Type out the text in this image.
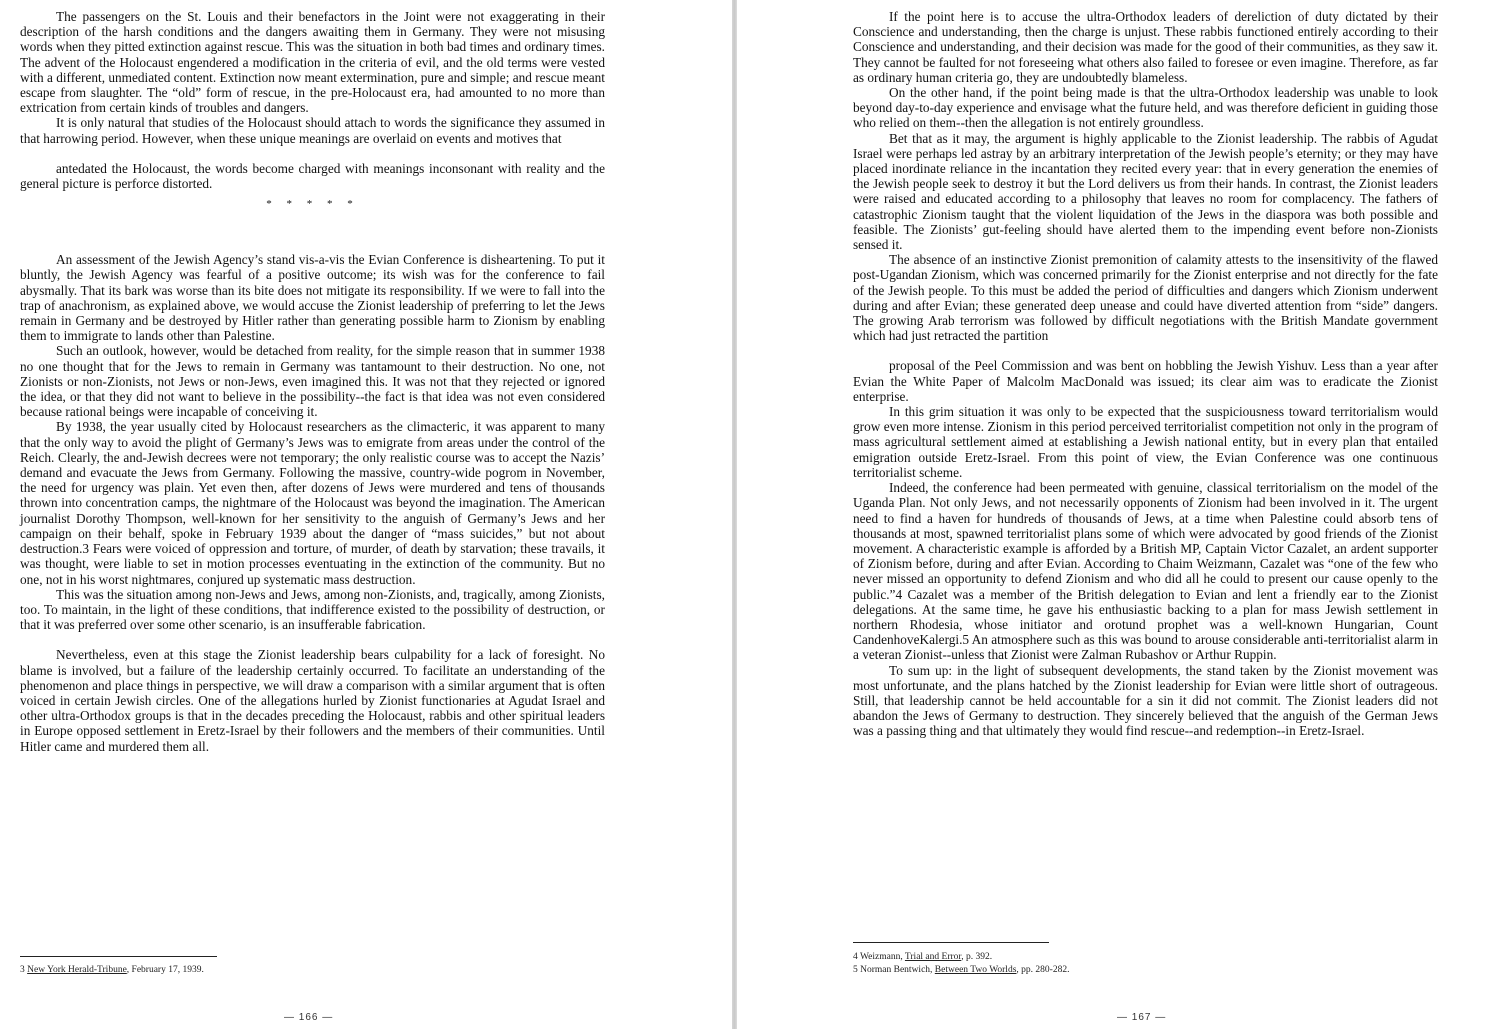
The passengers on the St. Louis and their benefactors in the Joint were not exaggerating in their description of the harsh conditions and the dangers awaiting them in Germany. They were not misusing words when they pitted extinction against rescue. This was the situation in both bad times and ordinary times. The advent of the Holocaust engendered a modification in the criteria of evil, and the old terms were vested with a different, unmediated content. Extinction now meant extermination, pure and simple; and rescue meant escape from slaughter. The “old” form of rescue, in the pre-Holocaust era, had amounted to no more than extrication from certain kinds of troubles and dangers.

It is only natural that studies of the Holocaust should attach to words the significance they assumed in that harrowing period. However, when these unique meanings are overlaid on events and motives that

antedated the Holocaust, the words become charged with meanings inconsonant with reality and the general picture is perforce distorted.

* * * * *

An assessment of the Jewish Agency’s stand vis-a-vis the Evian Conference is disheartening. To put it bluntly, the Jewish Agency was fearful of a positive outcome; its wish was for the conference to fail abysmally. That its bark was worse than its bite does not mitigate its responsibility. If we were to fall into the trap of anachronism, as explained above, we would accuse the Zionist leadership of preferring to let the Jews remain in Germany and be destroyed by Hitler rather than generating possible harm to Zionism by enabling them to immigrate to lands other than Palestine.

Such an outlook, however, would be detached from reality, for the simple reason that in summer 1938 no one thought that for the Jews to remain in Germany was tantamount to their destruction. No one, not Zionists or non-Zionists, not Jews or non-Jews, even imagined this. It was not that they rejected or ignored the idea, or that they did not want to believe in the possibility--the fact is that idea was not even considered because rational beings were incapable of conceiving it.

By 1938, the year usually cited by Holocaust researchers as the climacteric, it was apparent to many that the only way to avoid the plight of Germany’s Jews was to emigrate from areas under the control of the Reich. Clearly, the and-Jewish decrees were not temporary; the only realistic course was to accept the Nazis’ demand and evacuate the Jews from Germany. Following the massive, country-wide pogrom in November, the need for urgency was plain. Yet even then, after dozens of Jews were murdered and tens of thousands thrown into concentration camps, the nightmare of the Holocaust was beyond the imagination. The American journalist Dorothy Thompson, well-known for her sensitivity to the anguish of Germany’s Jews and her campaign on their behalf, spoke in February 1939 about the danger of “mass suicides,” but not about destruction.3 Fears were voiced of oppression and torture, of murder, of death by starvation; these travails, it was thought, were liable to set in motion processes eventuating in the extinction of the community. But no one, not in his worst nightmares, conjured up systematic mass destruction.

This was the situation among non-Jews and Jews, among non-Zionists, and, tragically, among Zionists, too. To maintain, in the light of these conditions, that indifference existed to the possibility of destruction, or that it was preferred over some other scenario, is an insufferable fabrication.

Nevertheless, even at this stage the Zionist leadership bears culpability for a lack of foresight. No blame is involved, but a failure of the leadership certainly occurred. To facilitate an understanding of the phenomenon and place things in perspective, we will draw a comparison with a similar argument that is often voiced in certain Jewish circles. One of the allegations hurled by Zionist functionaries at Agudat Israel and other ultra-Orthodox groups is that in the decades preceding the Holocaust, rabbis and other spiritual leaders in Europe opposed settlement in Eretz-Israel by their followers and the members of their communities. Until Hitler came and murdered them all.

3 New York Herald-Tribune, February 17, 1939.
— 166 —

If the point here is to accuse the ultra-Orthodox leaders of dereliction of duty dictated by their Conscience and understanding, then the charge is unjust. These rabbis functioned entirely according to their Conscience and understanding, and their decision was made for the good of their communities, as they saw it. They cannot be faulted for not foreseeing what others also failed to foresee or even imagine. Therefore, as far as ordinary human criteria go, they are undoubtedly blameless.

On the other hand, if the point being made is that the ultra-Orthodox leadership was unable to look beyond day-to-day experience and envisage what the future held, and was therefore deficient in guiding those who relied on them--then the allegation is not entirely groundless.

Bet that as it may, the argument is highly applicable to the Zionist leadership. The rabbis of Agudat Israel were perhaps led astray by an arbitrary interpretation of the Jewish people’s eternity; or they may have placed inordinate reliance in the incantation they recited every year: that in every generation the enemies of the Jewish people seek to destroy it but the Lord delivers us from their hands. In contrast, the Zionist leaders were raised and educated according to a philosophy that leaves no room for complacency. The fathers of catastrophic Zionism taught that the violent liquidation of the Jews in the diaspora was both possible and feasible. The Zionists’ gut-feeling should have alerted them to the impending event before non-Zionists sensed it.

The absence of an instinctive Zionist premonition of calamity attests to the insensitivity of the flawed post-Ugandan Zionism, which was concerned primarily for the Zionist enterprise and not directly for the fate of the Jewish people. To this must be added the period of difficulties and dangers which Zionism underwent during and after Evian; these generated deep unease and could have diverted attention from “side” dangers. The growing Arab terrorism was followed by difficult negotiations with the British Mandate government which had just retracted the partition

proposal of the Peel Commission and was bent on hobbling the Jewish Yishuv. Less than a year after Evian the White Paper of Malcolm MacDonald was issued; its clear aim was to eradicate the Zionist enterprise.

In this grim situation it was only to be expected that the suspiciousness toward territorialism would grow even more intense. Zionism in this period perceived territorialist competition not only in the program of mass agricultural settlement aimed at establishing a Jewish national entity, but in every plan that entailed emigration outside Eretz-Israel. From this point of view, the Evian Conference was one continuous territorialist scheme.

Indeed, the conference had been permeated with genuine, classical territorialism on the model of the Uganda Plan. Not only Jews, and not necessarily opponents of Zionism had been involved in it. The urgent need to find a haven for hundreds of thousands of Jews, at a time when Palestine could absorb tens of thousands at most, spawned territorialist plans some of which were advocated by good friends of the Zionist movement. A characteristic example is afforded by a British MP, Captain Victor Cazalet, an ardent supporter of Zionism before, during and after Evian. According to Chaim Weizmann, Cazalet was “one of the few who never missed an opportunity to defend Zionism and who did all he could to present our cause openly to the public.”4 Cazalet was a member of the British delegation to Evian and lent a friendly ear to the Zionist delegations. At the same time, he gave his enthusiastic backing to a plan for mass Jewish settlement in northern Rhodesia, whose initiator and orotund prophet was a well-known Hungarian, Count CandenhoveKalergi.5 An atmosphere such as this was bound to arouse considerable anti-territorialist alarm in a veteran Zionist--unless that Zionist were Zalman Rubashov or Arthur Ruppin.

To sum up: in the light of subsequent developments, the stand taken by the Zionist movement was most unfortunate, and the plans hatched by the Zionist leadership for Evian were little short of outrageous. Still, that leadership cannot be held accountable for a sin it did not commit. The Zionist leaders did not abandon the Jews of Germany to destruction. They sincerely believed that the anguish of the German Jews was a passing thing and that ultimately they would find rescue--and redemption--in Eretz-Israel.

4 Weizmann, Trial and Error, p. 392.
5 Norman Bentwich, Between Two Worlds, pp. 280-282.
— 167 —
